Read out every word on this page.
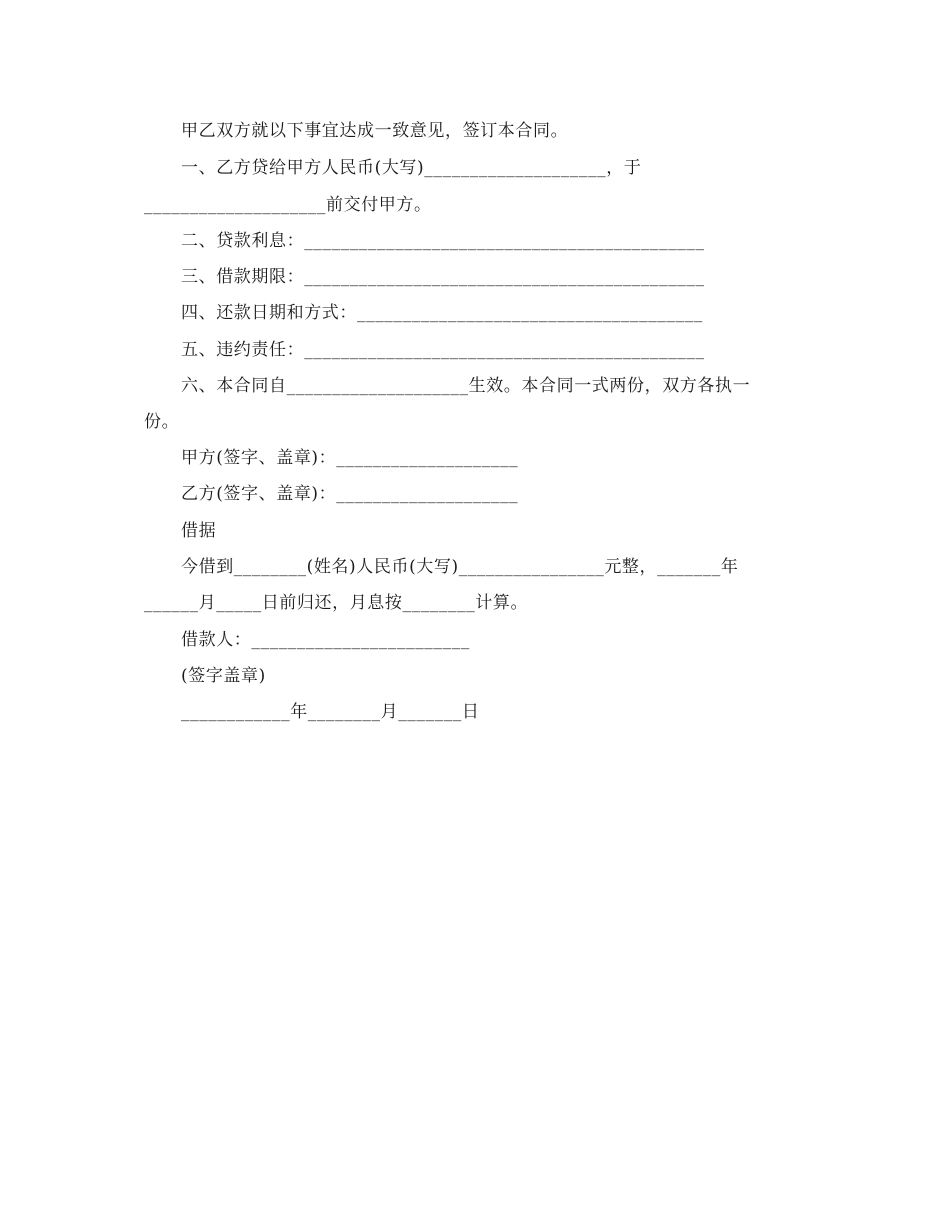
甲乙双方就以下事宜达成一致意见，签订本合同。
一、乙方贷给甲方人民币(大写)____________________，于
____________________前交付甲方。
二、贷款利息：____________________________________________
三、借款期限：____________________________________________
四、还款日期和方式：______________________________________
五、违约责任：____________________________________________
六、本合同自____________________生效。本合同一式两份，双方各执一
份。
甲方(签字、盖章)：____________________
乙方(签字、盖章)：____________________
借据
今借到________(姓名)人民币(大写)________________元整，_______年
______月_____日前归还，月息按________计算。
借款人：________________________
(签字盖章)
____________年________月_______日
